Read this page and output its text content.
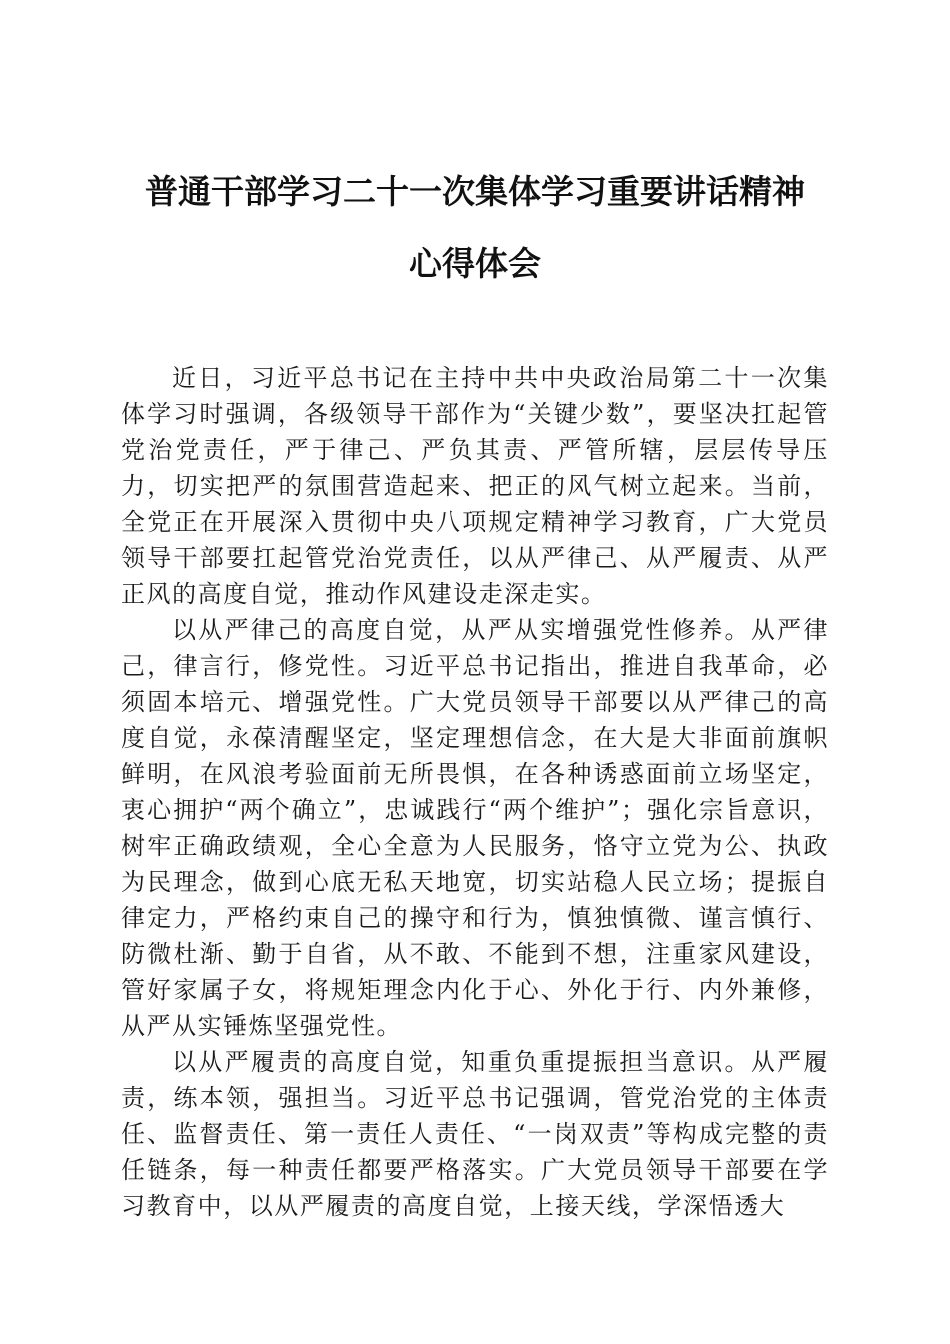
普通干部学习二十一次集体学习重要讲话精神
心得体会

近日，习近平总书记在主持中共中央政治局第二十一次集体学习时强调，各级领导干部作为“关键少数”，要坚决扛起管党治党责任，严于律己、严负其责、严管所辖，层层传导压力，切实把严的氛围营造起来、把正的风气树立起来。当前，全党正在开展深入贯彻中央八项规定精神学习教育，广大党员领导干部要扛起管党治党责任，以从严律己、从严履责、从严正风的高度自觉，推动作风建设走深走实。

以从严律己的高度自觉，从严从实增强党性修养。从严律己，律言行，修党性。习近平总书记指出，推进自我革命，必须固本培元、增强党性。广大党员领导干部要以从严律己的高度自觉，永葆清醒坚定，坚定理想信念，在大是大非面前旗帜鲜明，在风浪考验面前无所畏惧，在各种诱惑面前立场坚定，衷心拥护“两个确立”，忠诚践行“两个维护”；强化宗旨意识，树牢正确政绩观，全心全意为人民服务，恪守立党为公、执政为民理念，做到心底无私天地宽，切实站稳人民立场；提振自律定力，严格约束自己的操守和行为，慎独慎微、谨言慎行、防微杜渐、勤于自省，从不敢、不能到不想，注重家风建设，管好家属子女，将规矩理念内化于心、外化于行、内外兼修，从严从实锤炼坚强党性。

以从严履责的高度自觉，知重负重提振担当意识。从严履责，练本领，强担当。习近平总书记强调，管党治党的主体责任、监督责任、第一责任人责任、“一岗双责”等构成完整的责任链条，每一种责任都要严格落实。广大党员领导干部要在学习教育中，以从严履责的高度自觉，上接天线，学深悟透大
